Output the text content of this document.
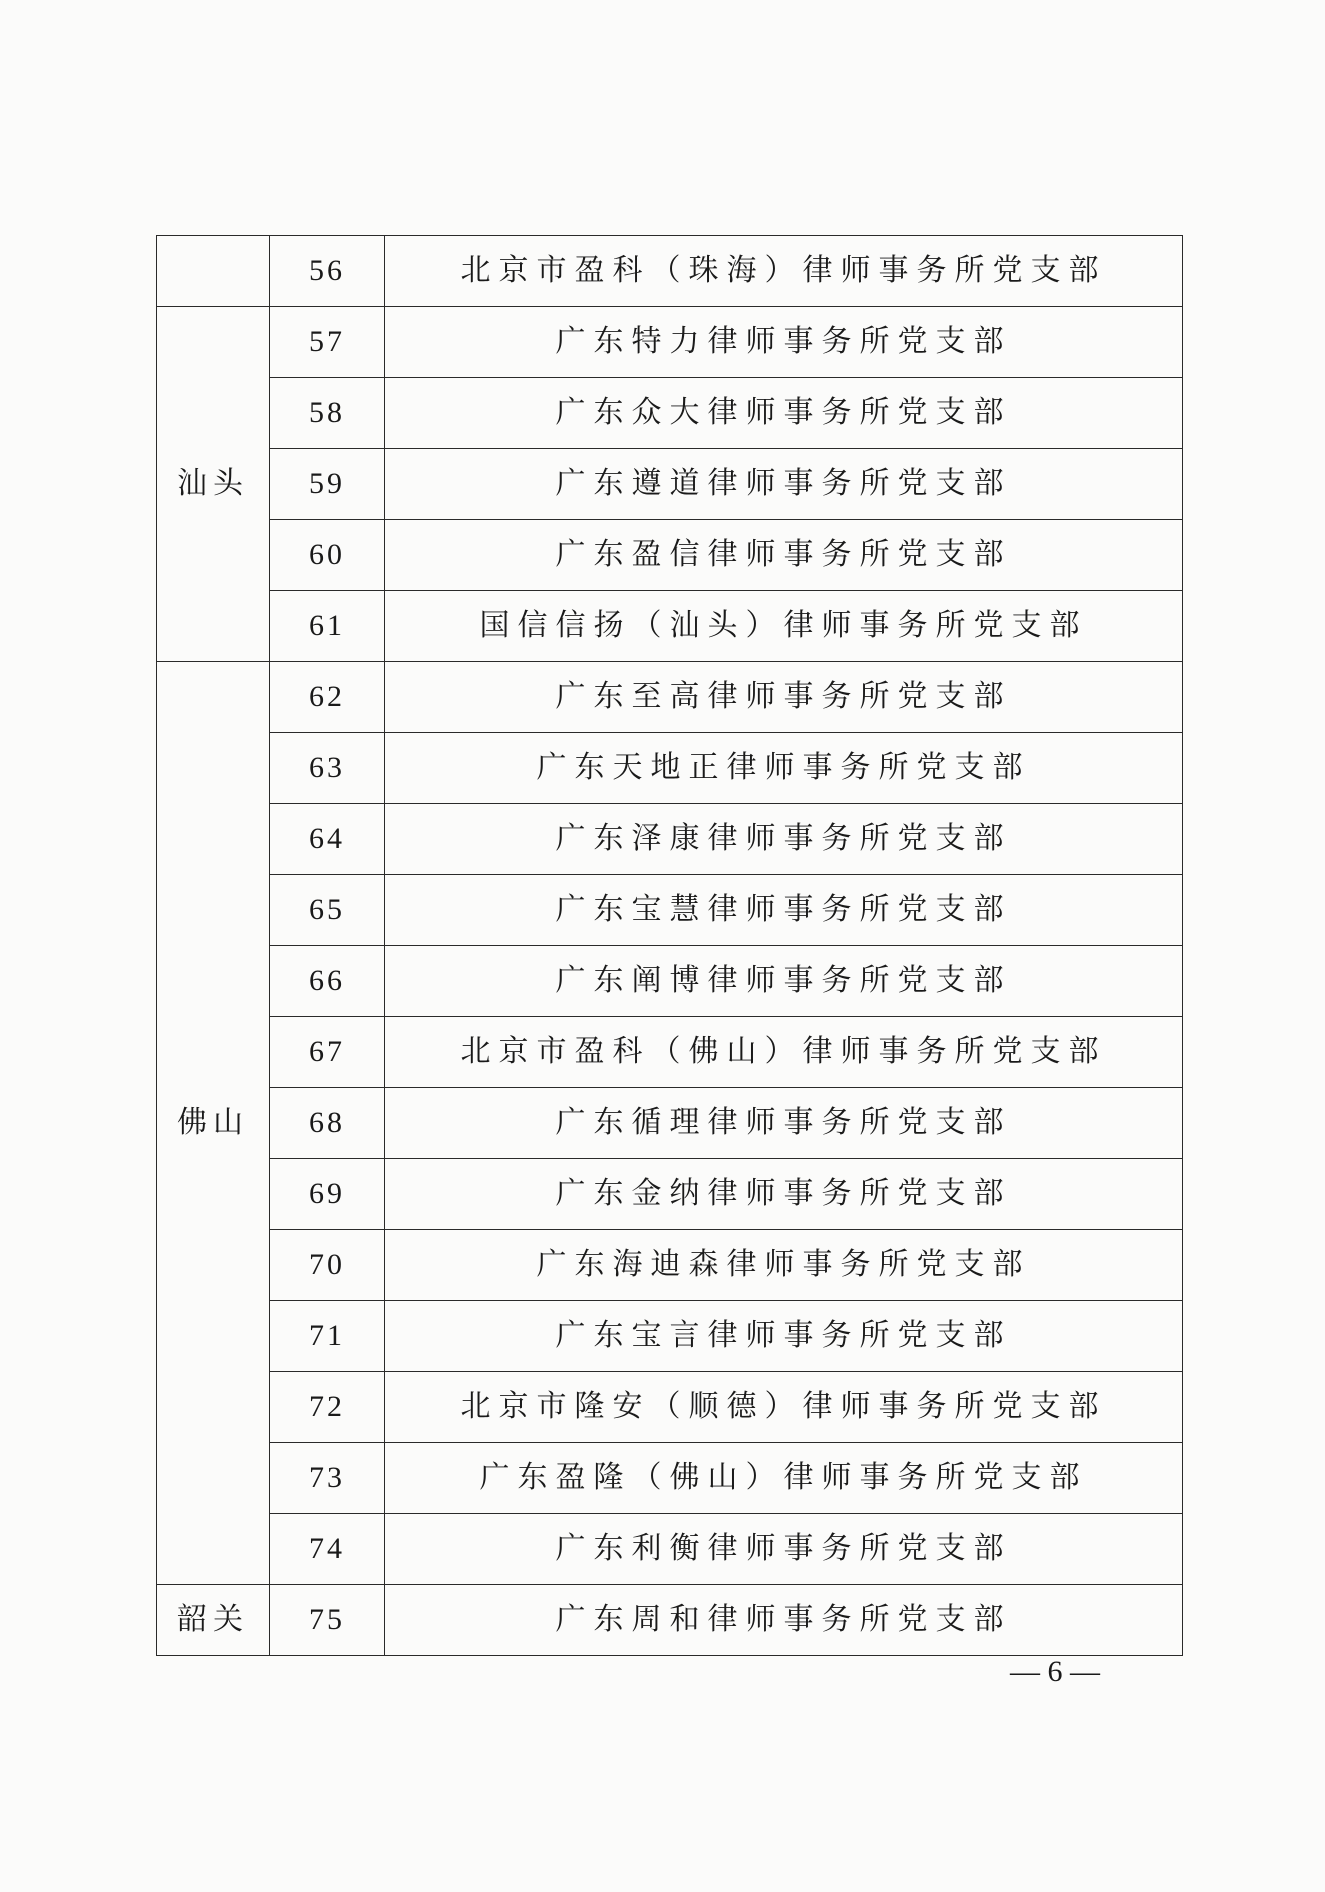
	56	北京市盈科（珠海）律师事务所党支部
汕头	57	广东特力律师事务所党支部
	58	广东众大律师事务所党支部
	59	广东遵道律师事务所党支部
	60	广东盈信律师事务所党支部
	61	国信信扬（汕头）律师事务所党支部
佛山	62	广东至高律师事务所党支部
	63	广东天地正律师事务所党支部
	64	广东泽康律师事务所党支部
	65	广东宝慧律师事务所党支部
	66	广东阐博律师事务所党支部
	67	北京市盈科（佛山）律师事务所党支部
	68	广东循理律师事务所党支部
	69	广东金纳律师事务所党支部
	70	广东海迪森律师事务所党支部
	71	广东宝言律师事务所党支部
	72	北京市隆安（顺德）律师事务所党支部
	73	广东盈隆（佛山）律师事务所党支部
	74	广东利衡律师事务所党支部
韶关	75	广东周和律师事务所党支部
— 6 —
